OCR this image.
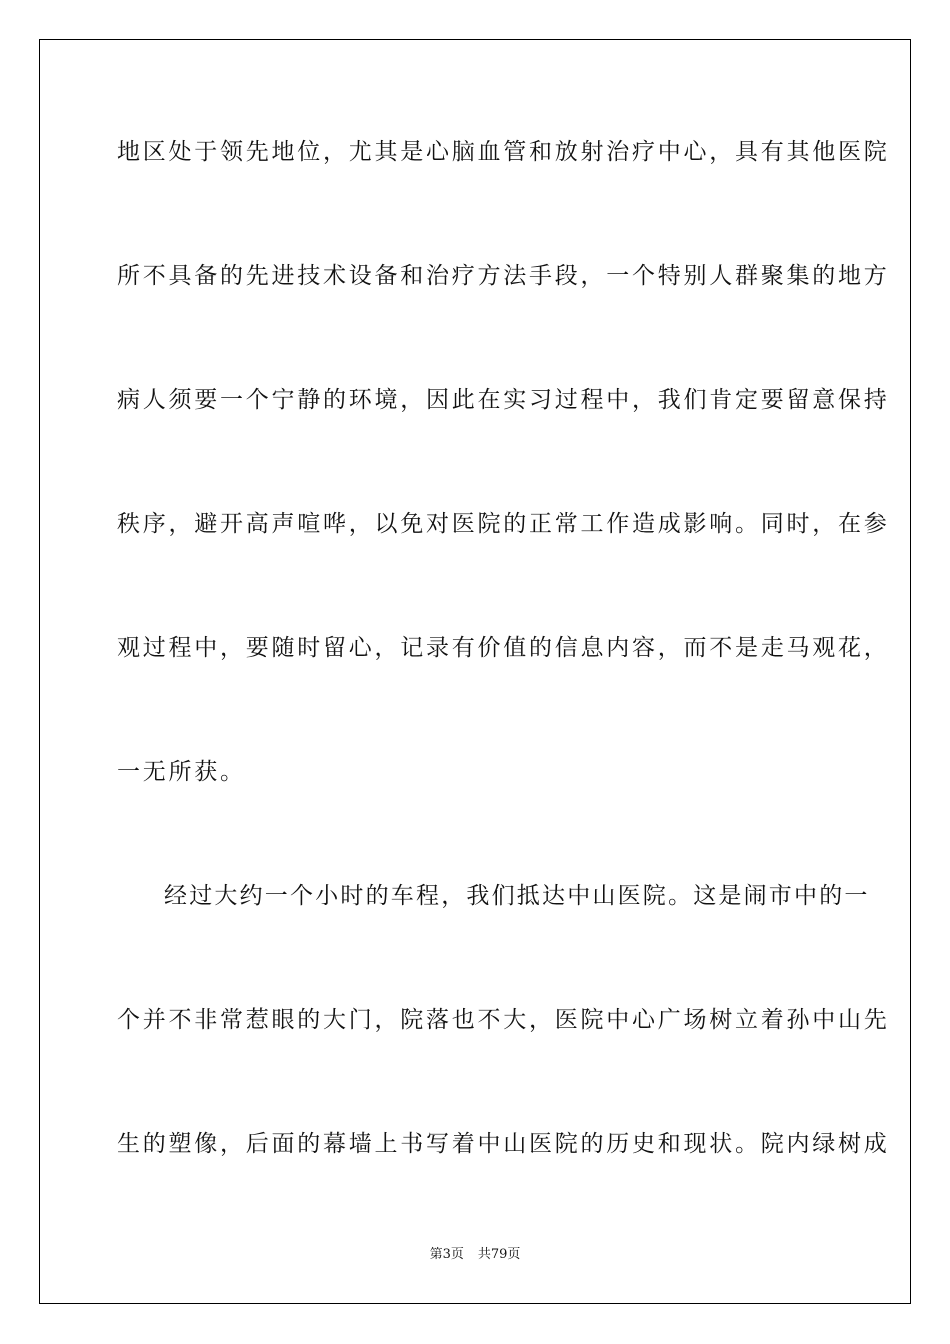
地区处于领先地位，尤其是心脑血管和放射治疗中心，具有其他医院

所不具备的先进技术设备和治疗方法手段，一个特别人群聚集的地方

病人须要一个宁静的环境，因此在实习过程中，我们肯定要留意保持

秩序，避开高声喧哗，以免对医院的正常工作造成影响。同时，在参

观过程中，要随时留心，记录有价值的信息内容，而不是走马观花，

一无所获。

经过大约一个小时的车程，我们抵达中山医院。这是闹市中的一

个并不非常惹眼的大门，院落也不大，医院中心广场树立着孙中山先

生的塑像，后面的幕墙上书写着中山医院的历史和现状。院内绿树成

第3页 共79页
